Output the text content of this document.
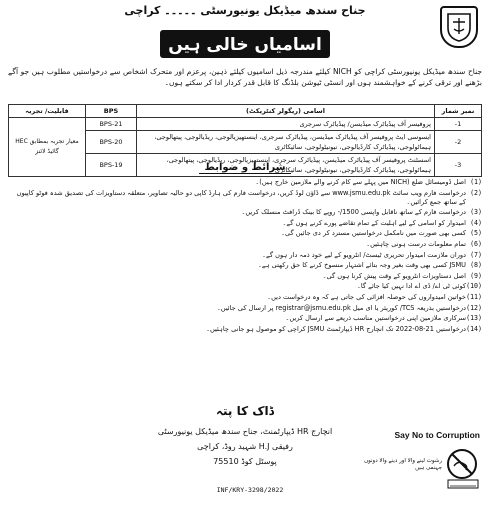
جناح سندھ میڈیکل یونیورسٹی ۔۔۔۔۔ کراچی
اسامیاں خالی ہیں
جناح سندھ میڈیکل یونیورسٹی کراچی کو NICH کیلئے مندرجہ ذیل اسامیوں کیلئے ذہین، پرعزم اور متحرک اشخاص سے درخواستیں مطلوب ہیں جو آگے بڑھنے اور ترقی کرنے کے خواہشمند ہوں اور انسٹی ٹیوشن بلڈنگ کا قابل قدر کردار ادا کر سکتے ہوں۔
نمبر شمار	اسامی (ریگولر کنٹریکٹ)	BPS	قابلیت/ تجربہ
1-	پروفیسر آف پیڈیاٹرک میڈیسن/ پیڈیاٹرک سرجری	BPS-21	معیار تجربہ بمطابق HEC گائیڈ لائنز
2-	ایسوسی ایٹ پروفیسر آف پیڈیاٹرک میڈیسن، پیڈیاٹرک سرجری، اینستھیزیالوجی، ریڈیالوجی، پیتھالوجی، ہیماٹولوجی، پیڈیاٹرک کارڈیالوجی، نیونیٹولوجی، سائیکاٹری	BPS-20	
3-	اسسٹنٹ پروفیسر آف پیڈیاٹرک میڈیسن، پیڈیاٹرک سرجری، اینستھیزیالوجی، ریڈیالوجی، پیتھالوجی، ہیماٹولوجی، پیڈیاٹرک کارڈیالوجی، نیونیٹولوجی، سائیکاٹری	BPS-19		شرائط و ضوابط
(1)
اصل ڈومیسائل ضلع (NICH میں پہلے سے کام کرنے والے ملازمین خارج ہیں)۔
(2)
درخواست فارم ویب سائٹ www.jsmu.edu.pk سے ڈاؤن لوڈ کریں، درخواست فارم کی ہارڈ کاپی دو حالیہ تصاویر، متعلقہ دستاویزات کی تصدیق شدہ فوٹو کاپیوں کے ساتھ جمع کرائیں۔
(3)
درخواست فارم کے ساتھ ناقابل واپسی 1500/- روپے کا بینک ڈرافٹ منسلک کریں۔
(4)
امیدوار کو اسامی کے لیے اہلیت کے تمام تقاضے پورے کرنے ہوں گے۔
(5)
کسی بھی صورت میں نامکمل درخواستیں مسترد کر دی جائیں گی۔
(6)
تمام معلومات درست ہونی چاہئیں۔
(7)
دوران ملازمت امیدوار تحریری ٹیسٹ/ انٹرویو کے لیے خود ذمہ دار ہوں گے۔
(8)
JSMU کسی بھی وقت بغیر وجہ بتائے اشتہار منسوخ کرنے کا حق رکھتی ہے۔
(9)
اصل دستاویزات انٹرویو کے وقت پیش کرنا ہوں گی۔
(10)
کوئی ٹی اے/ ڈی اے ادا نہیں کیا جائے گا۔
(11)
خواتین امیدواروں کی حوصلہ افزائی کی جاتی ہے کہ وہ درخواست دیں۔
(12)
درخواستیں بذریعہ TCS/ کوریئر یا ای میل registrar@jsmu.edu.pk پر ارسال کی جائیں۔
(13)
سرکاری ملازمین اپنی درخواستیں مناسب ذریعے سے ارسال کریں۔
(14)
درخواستیں 21-08-2022 تک انچارج HR ڈیپارٹمنٹ JSMU کراچی کو موصول ہو جانی چاہئیں۔
ڈاک کا پتہ
انچارج HR ڈیپارٹمنٹ، جناح سندھ میڈیکل یونیورسٹی
رفیقی H.J شہید روڈ، کراچی
پوسٹل کوڈ 75510
INF/KRY-3298/2022
Say No to Corruption
رشوت لینے والا اور دینے والا دونوں جہنمی ہیں
